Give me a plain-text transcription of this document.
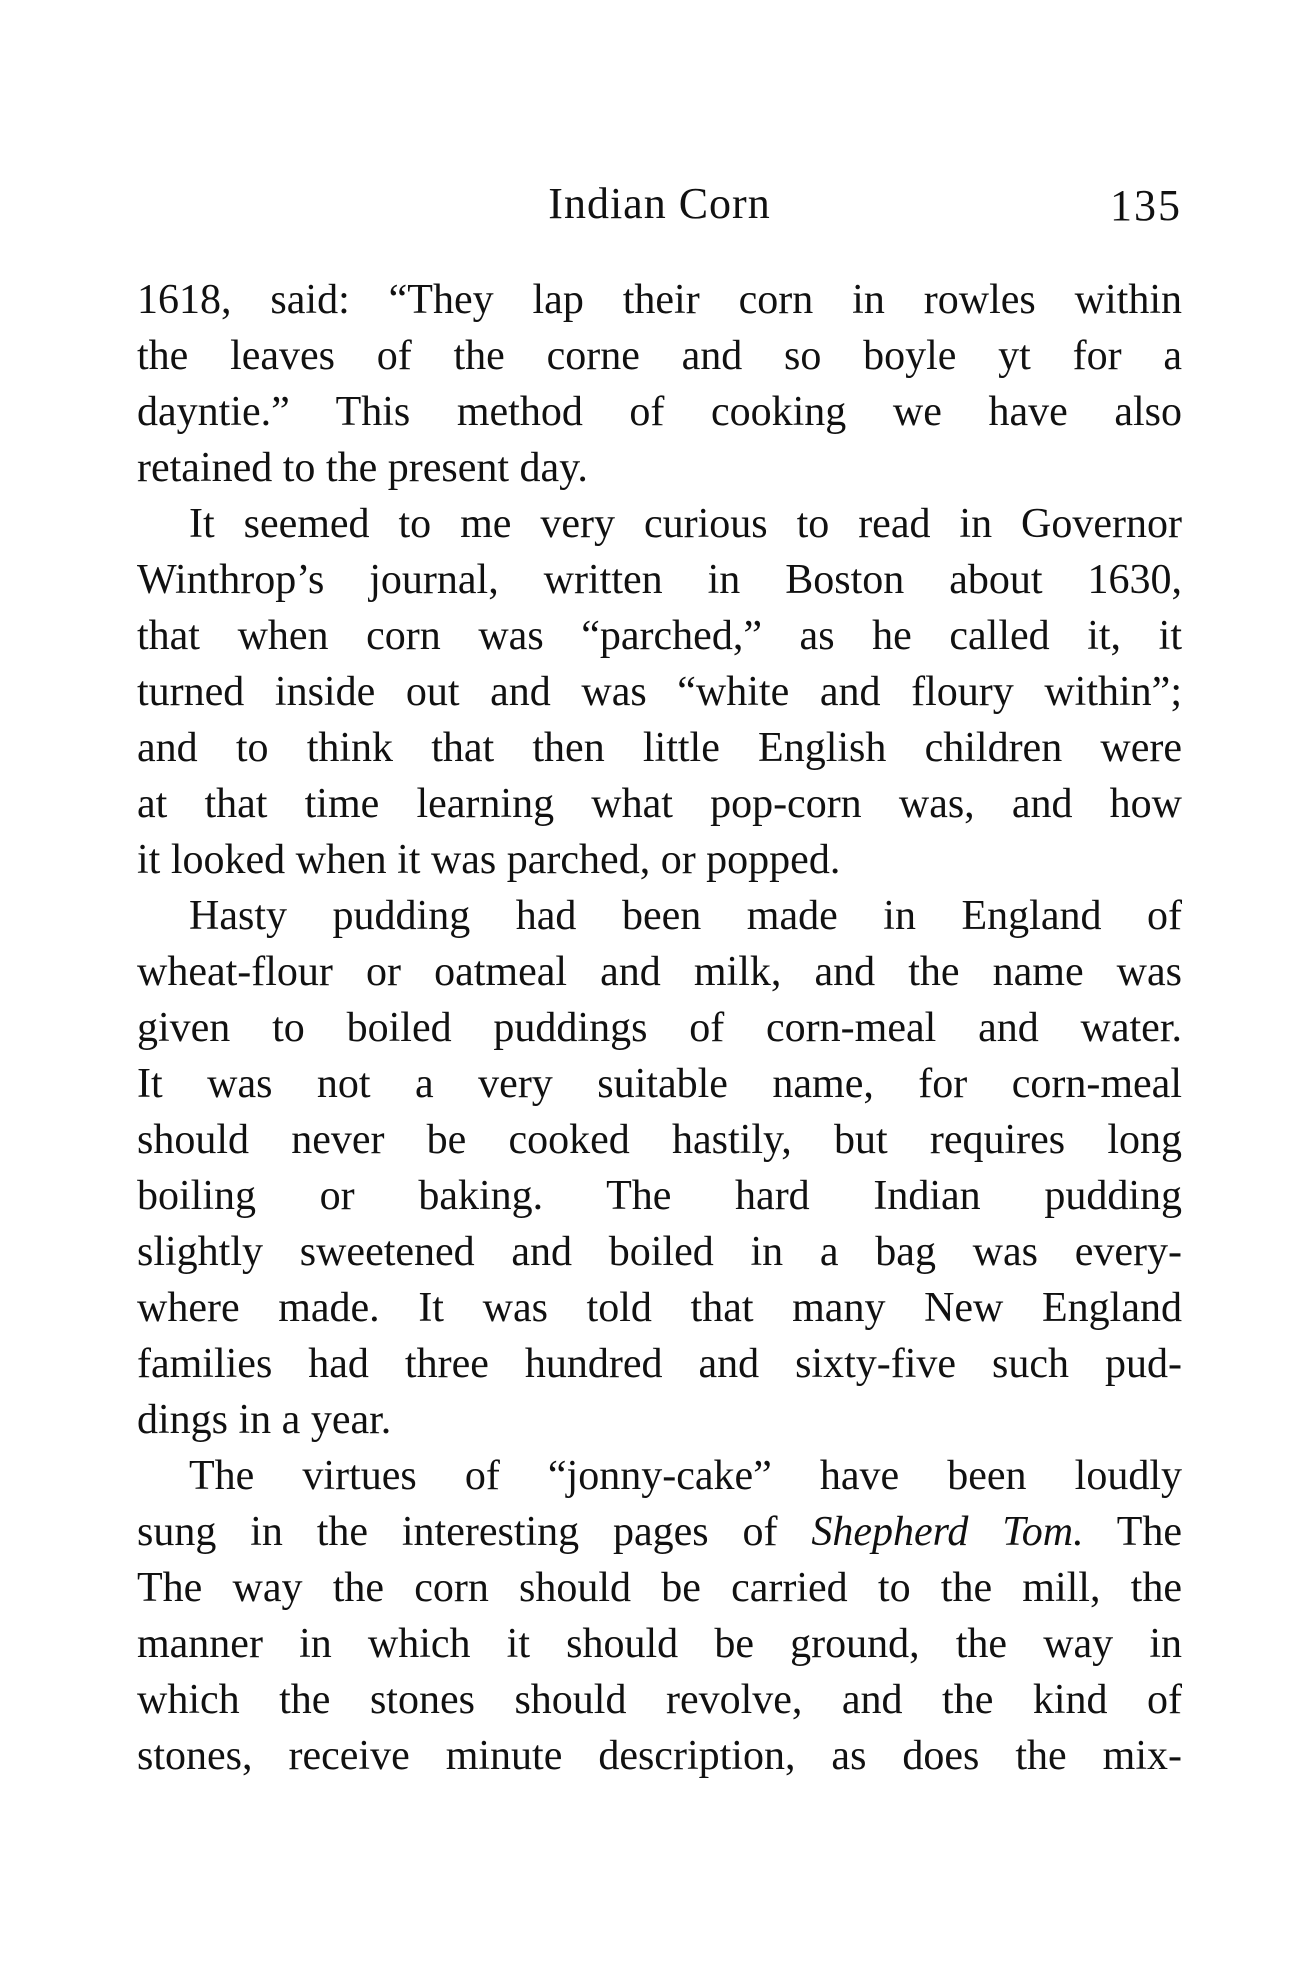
Indian Corn	135
1618, said: “They lap their corn in rowles within
the leaves of the corne and so boyle yt for a
dayntie.” This method of cooking we have also
retained to the present day.
It seemed to me very curious to read in Governor
Winthrop’s journal, written in Boston about 1630,
that when corn was “parched,” as he called it, it
turned inside out and was “white and floury within”;
and to think that then little English children were
at that time learning what pop-corn was, and how
it looked when it was parched, or popped.
Hasty pudding had been made in England of
wheat-flour or oatmeal and milk, and the name was
given to boiled puddings of corn-meal and water.
It was not a very suitable name, for corn-meal
should never be cooked hastily, but requires long
boiling or baking. The hard Indian pudding
slightly sweetened and boiled in a bag was every-
where made. It was told that many New England
families had three hundred and sixty-five such pud-
dings in a year.
The virtues of “jonny-cake” have been loudly
sung in the interesting pages of Shepherd Tom. The
The way the corn should be carried to the mill, the
manner in which it should be ground, the way in
which the stones should revolve, and the kind of
stones, receive minute description, as does the mix-
